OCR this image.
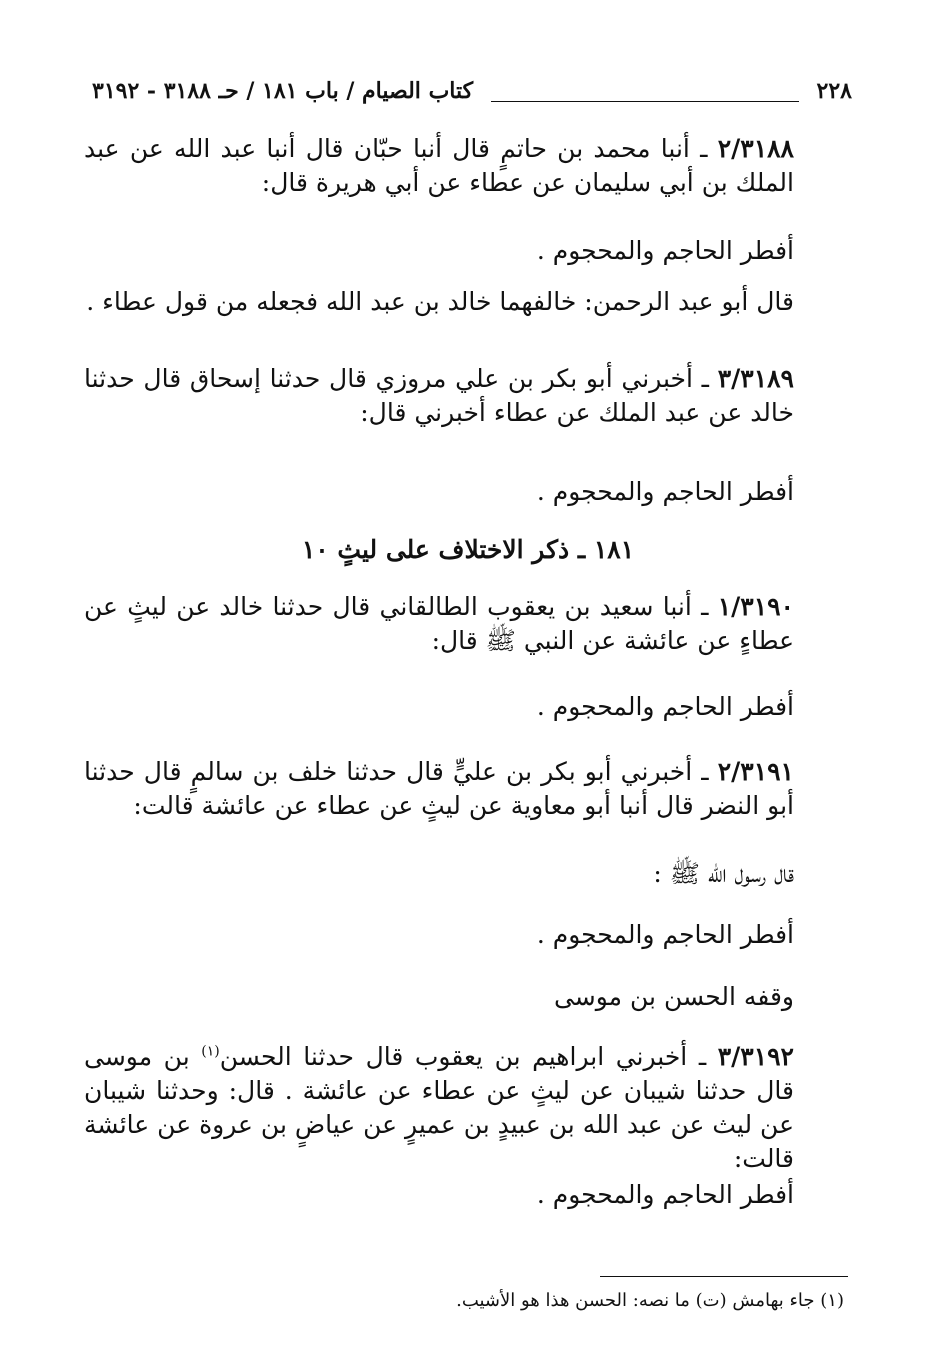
٢٢٨
كتاب الصيام / باب ١٨١ / حـ ٣١٨٨ - ٣١٩٢
٢/٣١٨٨ ـ أنبا محمد بن حاتمٍ قال أنبا حبّان قال أنبا عبد الله عن عبد الملك بن أبي سليمان عن عطاء عن أبي هريرة قال:
أفطر الحاجم والمحجوم .
قال أبو عبد الرحمن: خالفهما خالد بن عبد الله فجعله من قول عطاء .
٣/٣١٨٩ ـ أخبرني أبو بكر بن علي مروزي قال حدثنا إسحاق قال حدثنا خالد عن عبد الملك عن عطاء أخبرني قال:
أفطر الحاجم والمحجوم .
١٨١ ـ ذكر الاختلاف على ليثٍ ١٠
١/٣١٩٠ ـ أنبا سعيد بن يعقوب الطالقاني قال حدثنا خالد عن ليثٍ عن عطاءٍ عن عائشة عن النبي ﷺ قال:
أفطر الحاجم والمحجوم .
٢/٣١٩١ ـ أخبرني أبو بكر بن عليٍّ قال حدثنا خلف بن سالمٍ قال حدثنا أبو النضر قال أنبا أبو معاوية عن ليثٍ عن عطاء عن عائشة قالت:
قال رسول الله ﷺ :
أفطر الحاجم والمحجوم .
وقفه الحسن بن موسى
٣/٣١٩٢ ـ أخبرني ابراهيم بن يعقوب قال حدثنا الحسن$^{(١)}$ بن موسى قال حدثنا شيبان عن ليثٍ عن عطاء عن عائشة . قال: وحدثنا شيبان عن ليث عن عبد الله بن عبيدٍ بن عميرٍ عن عياضٍ بن عروة عن عائشة قالت:
أفطر الحاجم والمحجوم .
(١) جاء بهامش (ت) ما نصه: الحسن هذا هو الأشيب.
